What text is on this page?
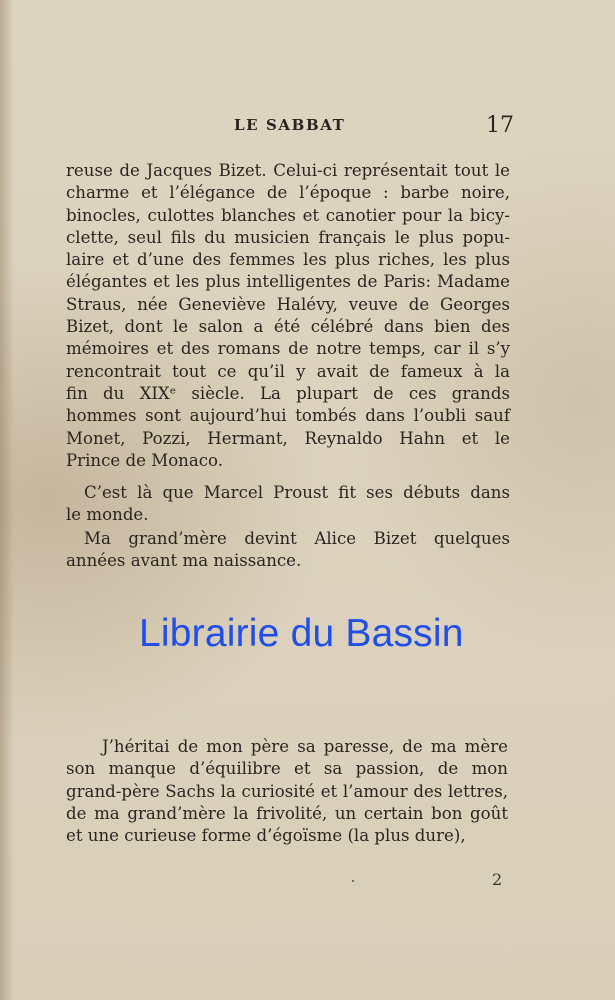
LE SABBAT	17
reuse de Jacques Bizet. Celui-ci représentait tout le
charme et l’élégance de l’époque : barbe noire,
binocles, culottes blanches et canotier pour la bicy-
clette, seul fils du musicien français le plus popu-
laire et d’une des femmes les plus riches, les plus
élégantes et les plus intelligentes de Paris: Madame
Straus, née Geneviève Halévy, veuve de Georges
Bizet, dont le salon a été célébré dans bien des
mémoires et des romans de notre temps, car il s’y
rencontrait tout ce qu’il y avait de fameux à la
fin du XIXᵉ siècle. La plupart de ces grands
hommes sont aujourd’hui tombés dans l’oubli sauf
Monet, Pozzi, Hermant, Reynaldo Hahn et le
Prince de Monaco.
C’est là que Marcel Proust fit ses débuts dans
le monde.
Ma grand’mère devint Alice Bizet quelques
années avant ma naissance.
Librairie du Bassin
J’héritai de mon père sa paresse, de ma mère
son manque d’équilibre et sa passion, de mon
grand-père Sachs la curiosité et l’amour des lettres,
de ma grand’mère la frivolité, un certain bon goût
et une curieuse forme d’égoïsme (la plus dure),
2
